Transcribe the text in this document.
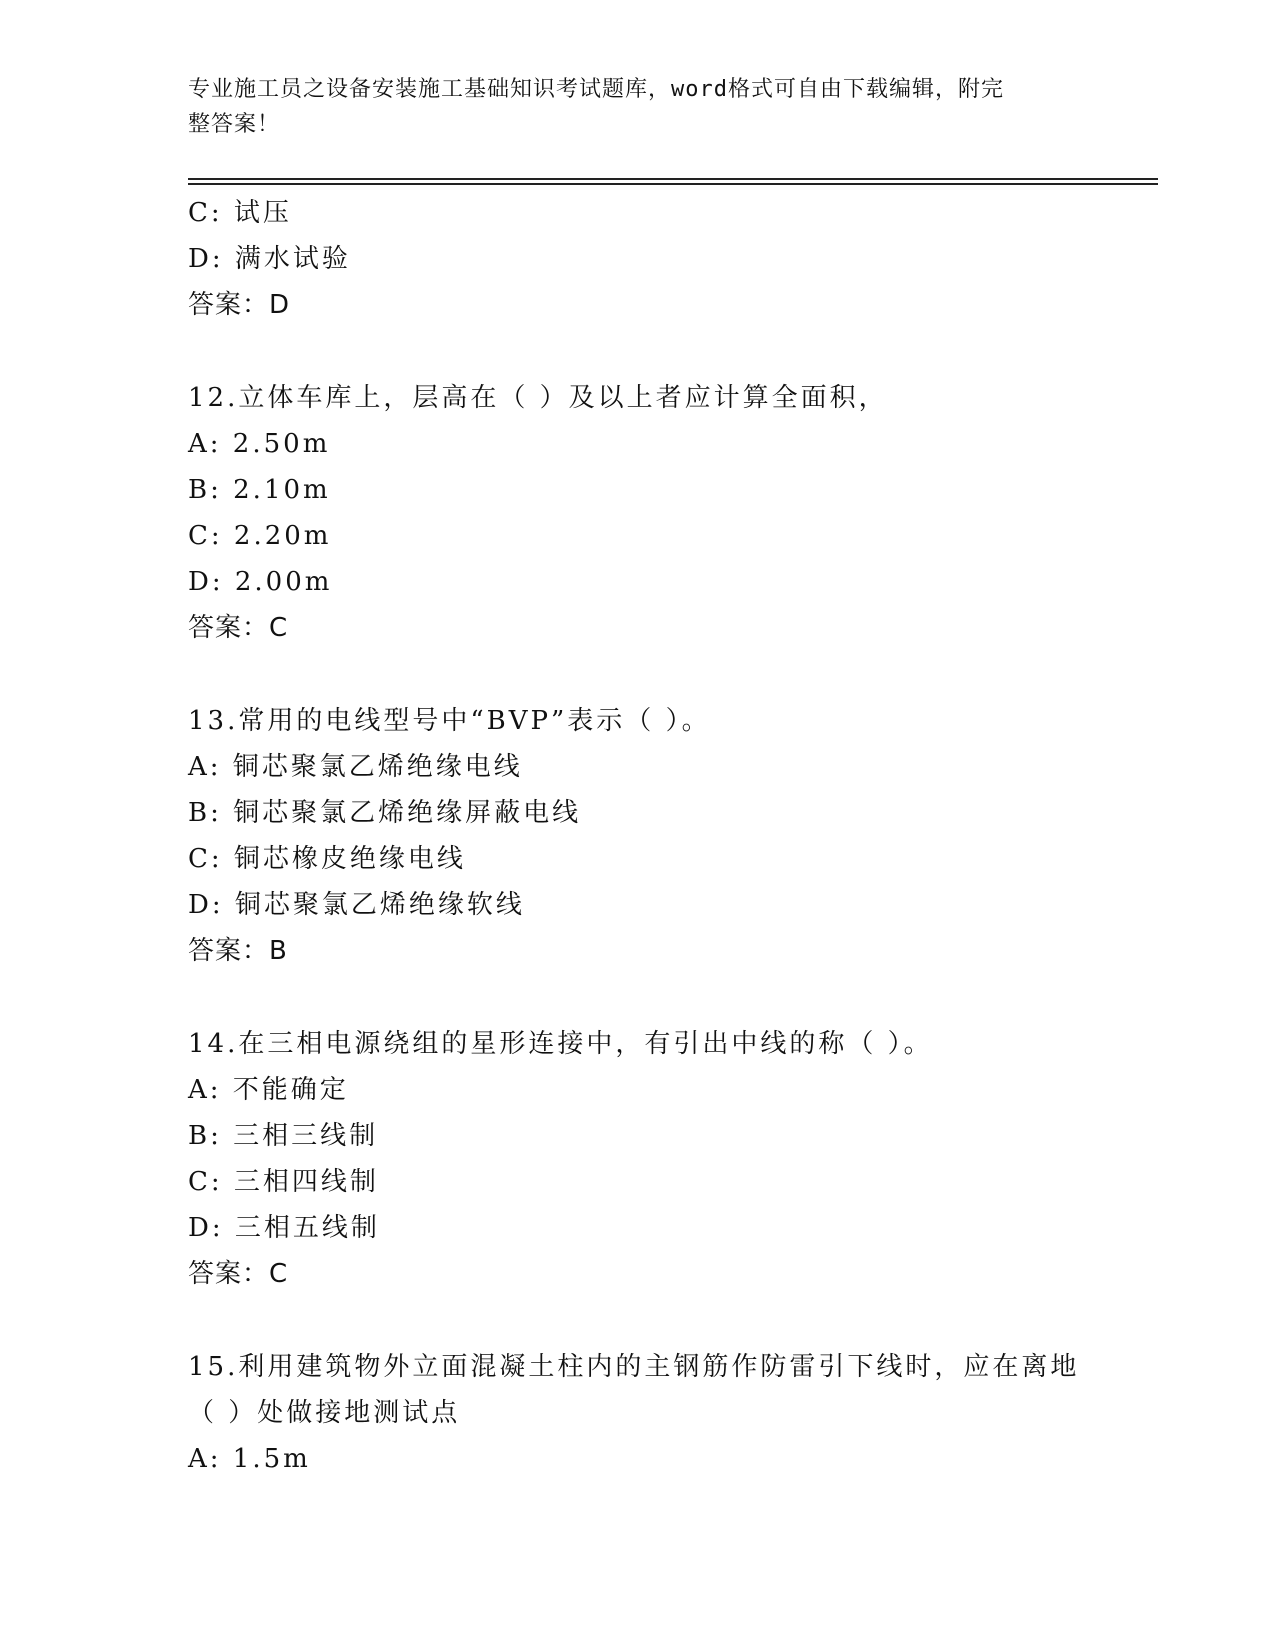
专业施工员之设备安装施工基础知识考试题库，word格式可自由下载编辑，附完
整答案！
C: 试压
D: 满水试验
答案：D
12.立体车库上，层高在（ ）及以上者应计算全面积，
A: 2.50m
B: 2.10m
C: 2.20m
D: 2.00m
答案：C
13.常用的电线型号中“BVP”表示（ ）。
A: 铜芯聚氯乙烯绝缘电线
B: 铜芯聚氯乙烯绝缘屏蔽电线
C: 铜芯橡皮绝缘电线
D: 铜芯聚氯乙烯绝缘软线
答案：B
14.在三相电源绕组的星形连接中，有引出中线的称（ ）。
A: 不能确定
B: 三相三线制
C: 三相四线制
D: 三相五线制
答案：C
15.利用建筑物外立面混凝土柱内的主钢筋作防雷引下线时，应在离地
（ ）处做接地测试点
A: 1.5m
